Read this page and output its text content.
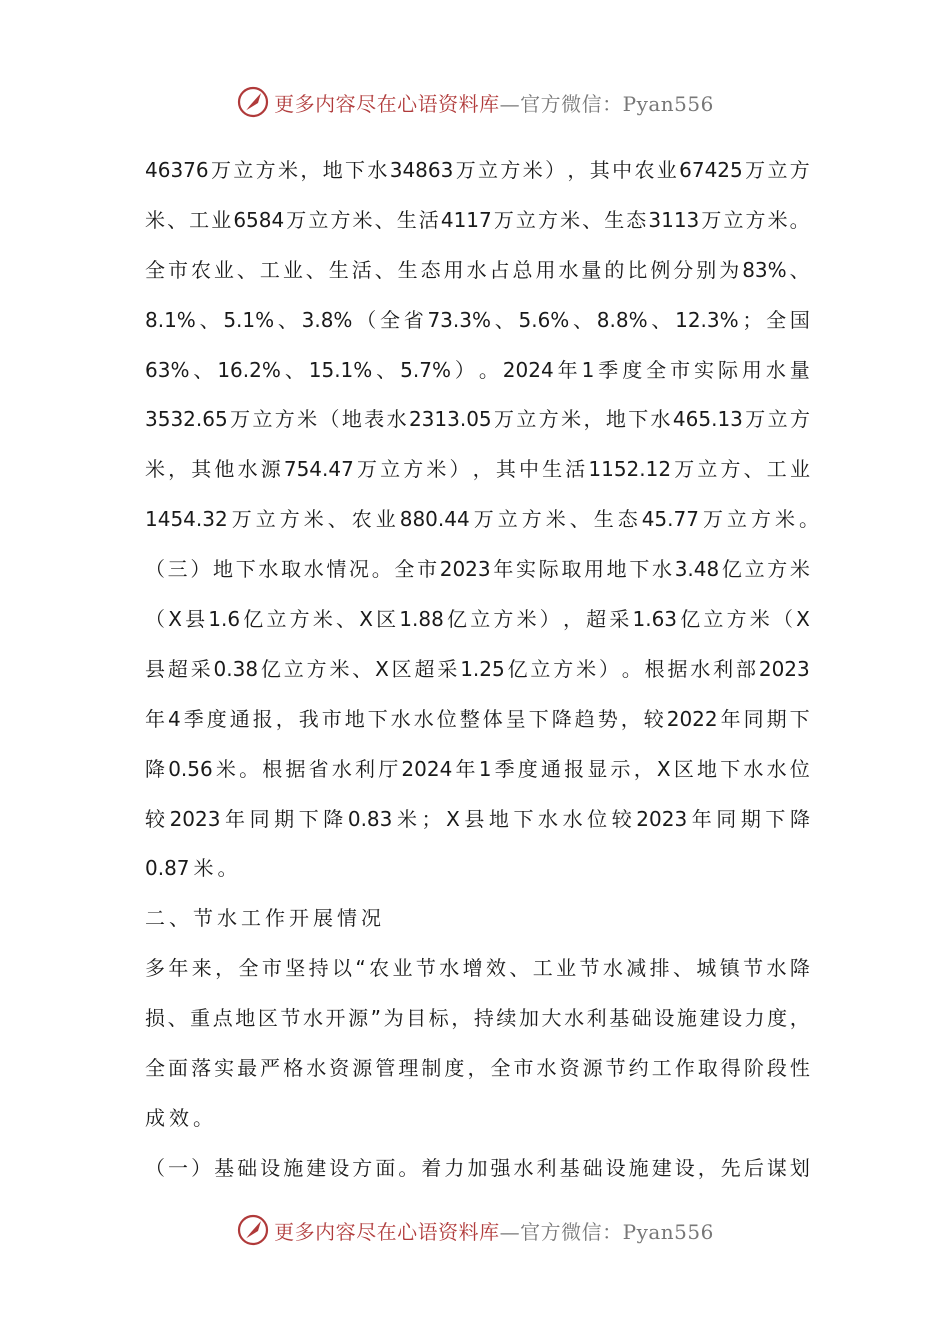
更多内容尽在心语资料库—官方微信：Pyan556
46376 万 立 方 米 ， 地 下 水 34863 万 立 方 米 ） ， 其 中 农 业 67425 万 立 方
米 、 工 业 6584 万 立 方 米 、 生 活 4117 万 立 方 米 、 生 态 3113 万 立 方 米 。
全 市 农 业 、 工 业 、 生 活 、 生 态 用 水 占 总 用 水 量 的 比 例 分 别 为 83% 、
8.1% 、 5.1% 、 3.8% （ 全 省 73.3% 、 5.6% 、 8.8% 、 12.3% ； 全 国
63% 、 16.2% 、 15.1% 、 5.7% ） 。 2024 年 1 季 度 全 市 实 际 用 水 量
3532.65 万 立 方 米 （ 地 表 水 2313.05 万 立 方 米 ， 地 下 水 465.13 万 立 方
米 ， 其 他 水 源 754.47 万 立 方 米 ） ， 其 中 生 活 1152.12 万 立 方 、 工 业
1454.32 万 立 方 米 、 农 业 880.44 万 立 方 米 、 生 态 45.77 万 立 方 米 。
（ 三 ） 地 下 水 取 水 情 况 。 全 市 2023 年 实 际 取 用 地 下 水 3.48 亿 立 方 米
（ X 县 1.6 亿 立 方 米 、 X 区 1.88 亿 立 方 米 ） ， 超 采 1.63 亿 立 方 米 （ X
县 超 采 0.38 亿 立 方 米 、 X 区 超 采 1.25 亿 立 方 米 ） 。 根 据 水 利 部 2023
年 4 季 度 通 报 ， 我 市 地 下 水 水 位 整 体 呈 下 降 趋 势 ， 较 2022 年 同 期 下
降 0.56 米 。 根 据 省 水 利 厅 2024 年 1 季 度 通 报 显 示 ， X 区 地 下 水 水 位
较 2023 年 同 期 下 降 0.83 米 ； X 县 地 下 水 水 位 较 2023 年 同 期 下 降
0.87 米 。
二 、 节 水 工 作 开 展 情 况
多 年 来 ， 全 市 坚 持 以 “ 农 业 节 水 增 效 、 工 业 节 水 减 排 、 城 镇 节 水 降
损 、 重 点 地 区 节 水 开 源 ” 为 目 标 ， 持 续 加 大 水 利 基 础 设 施 建 设 力 度 ，
全 面 落 实 最 严 格 水 资 源 管 理 制 度 ， 全 市 水 资 源 节 约 工 作 取 得 阶 段 性
成 效 。
（ 一 ） 基 础 设 施 建 设 方 面 。 着 力 加 强 水 利 基 础 设 施 建 设 ， 先 后 谋 划
更多内容尽在心语资料库—官方微信：Pyan556
